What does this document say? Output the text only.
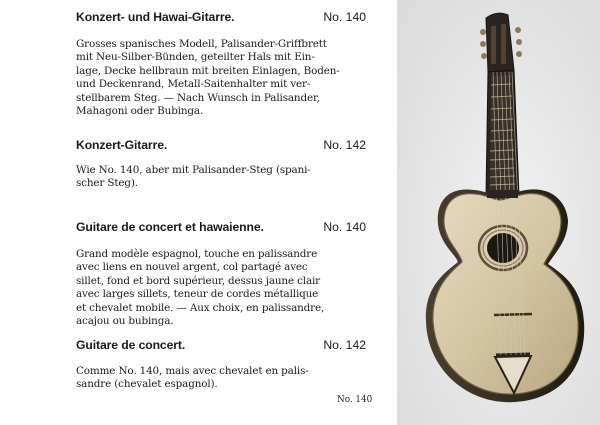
Konzert- und Hawai-Gitarre.	No. 140

Grosses spanisches Modell, Palisander-Griffbrett
mit Neu-Silber-Bünden, geteilter Hals mit Ein-
lage, Decke hellbraun mit breiten Einlagen, Boden-
und Deckenrand, Metall-Saitenhalter mit ver-
stellbarem Steg. — Nach Wunsch in Palisander,
Mahagoni oder Bubinga.

Konzert-Gitarre.	No. 142

Wie No. 140, aber mit Palisander-Steg (spani-
scher Steg).

Guitare de concert et hawaienne.	No. 140

Grand modèle espagnol, touche en palissandre
avec liens en nouvel argent, col partagé avec
sillet, fond et bord supérieur, dessus jaune clair
avec larges sillets, teneur de cordes métallique
et chevalet mobile. — Aux choix, en palissandre,
acajou ou bubinga.

Guitare de concert.	No. 142

Comme No. 140, mais avec chevalet en palis-
sandre (chevalet espagnol).

No. 140
